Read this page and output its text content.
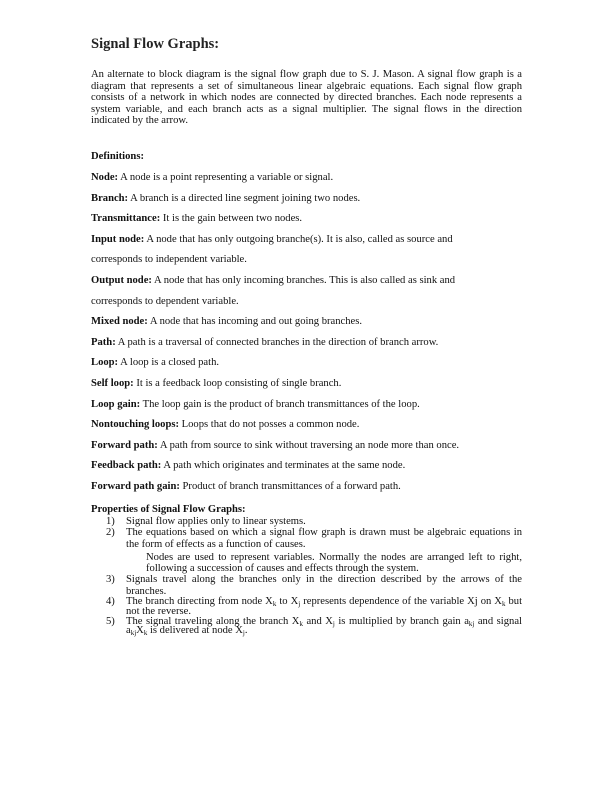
Signal Flow Graphs:
An alternate to block diagram is the signal flow graph due to S. J. Mason. A signal flow graph is a diagram that represents a set of simultaneous linear algebraic equations. Each signal flow graph consists of a network in which nodes are connected by directed branches. Each node represents a system variable, and each branch acts as a signal multiplier. The signal flows in the direction indicated by the arrow.
Definitions:
Node: A node is a point representing a variable or signal.
Branch: A branch is a directed line segment joining two nodes.
Transmittance: It is the gain between two nodes.
Input node: A node that has only outgoing branche(s). It is also, called as source and
corresponds to independent variable.
Output node: A node that has only incoming branches. This is also called as sink and
corresponds to dependent variable.
Mixed node: A node that has incoming and out going branches.
Path: A path is a traversal of connected branches in the direction of branch arrow.
Loop: A loop is a closed path.
Self loop: It is a feedback loop consisting of single branch.
Loop gain: The loop gain is the product of branch transmittances of the loop.
Nontouching loops: Loops that do not posses a common node.
Forward path: A path from source to sink without traversing an node more than once.
Feedback path: A path which originates and terminates at the same node.
Forward path gain: Product of branch transmittances of a forward path.
Properties of Signal Flow Graphs:
1) Signal flow applies only to linear systems.
2) The equations based on which a signal flow graph is drawn must be algebraic equations in the form of effects as a function of causes.
Nodes are used to represent variables. Normally the nodes are arranged left to right, following a succession of causes and effects through the system.
3) Signals travel along the branches only in the direction described by the arrows of the branches.
4) The branch directing from node $X_k$ to $X_j$ represents dependence of the variable Xj on $X_k$ but not the reverse.
5) The signal traveling along the branch $X_k$ and $X_j$ is multiplied by branch gain $a_{kj}$ and signal $a_{kj}X_k$ is delivered at node $X_j$.
